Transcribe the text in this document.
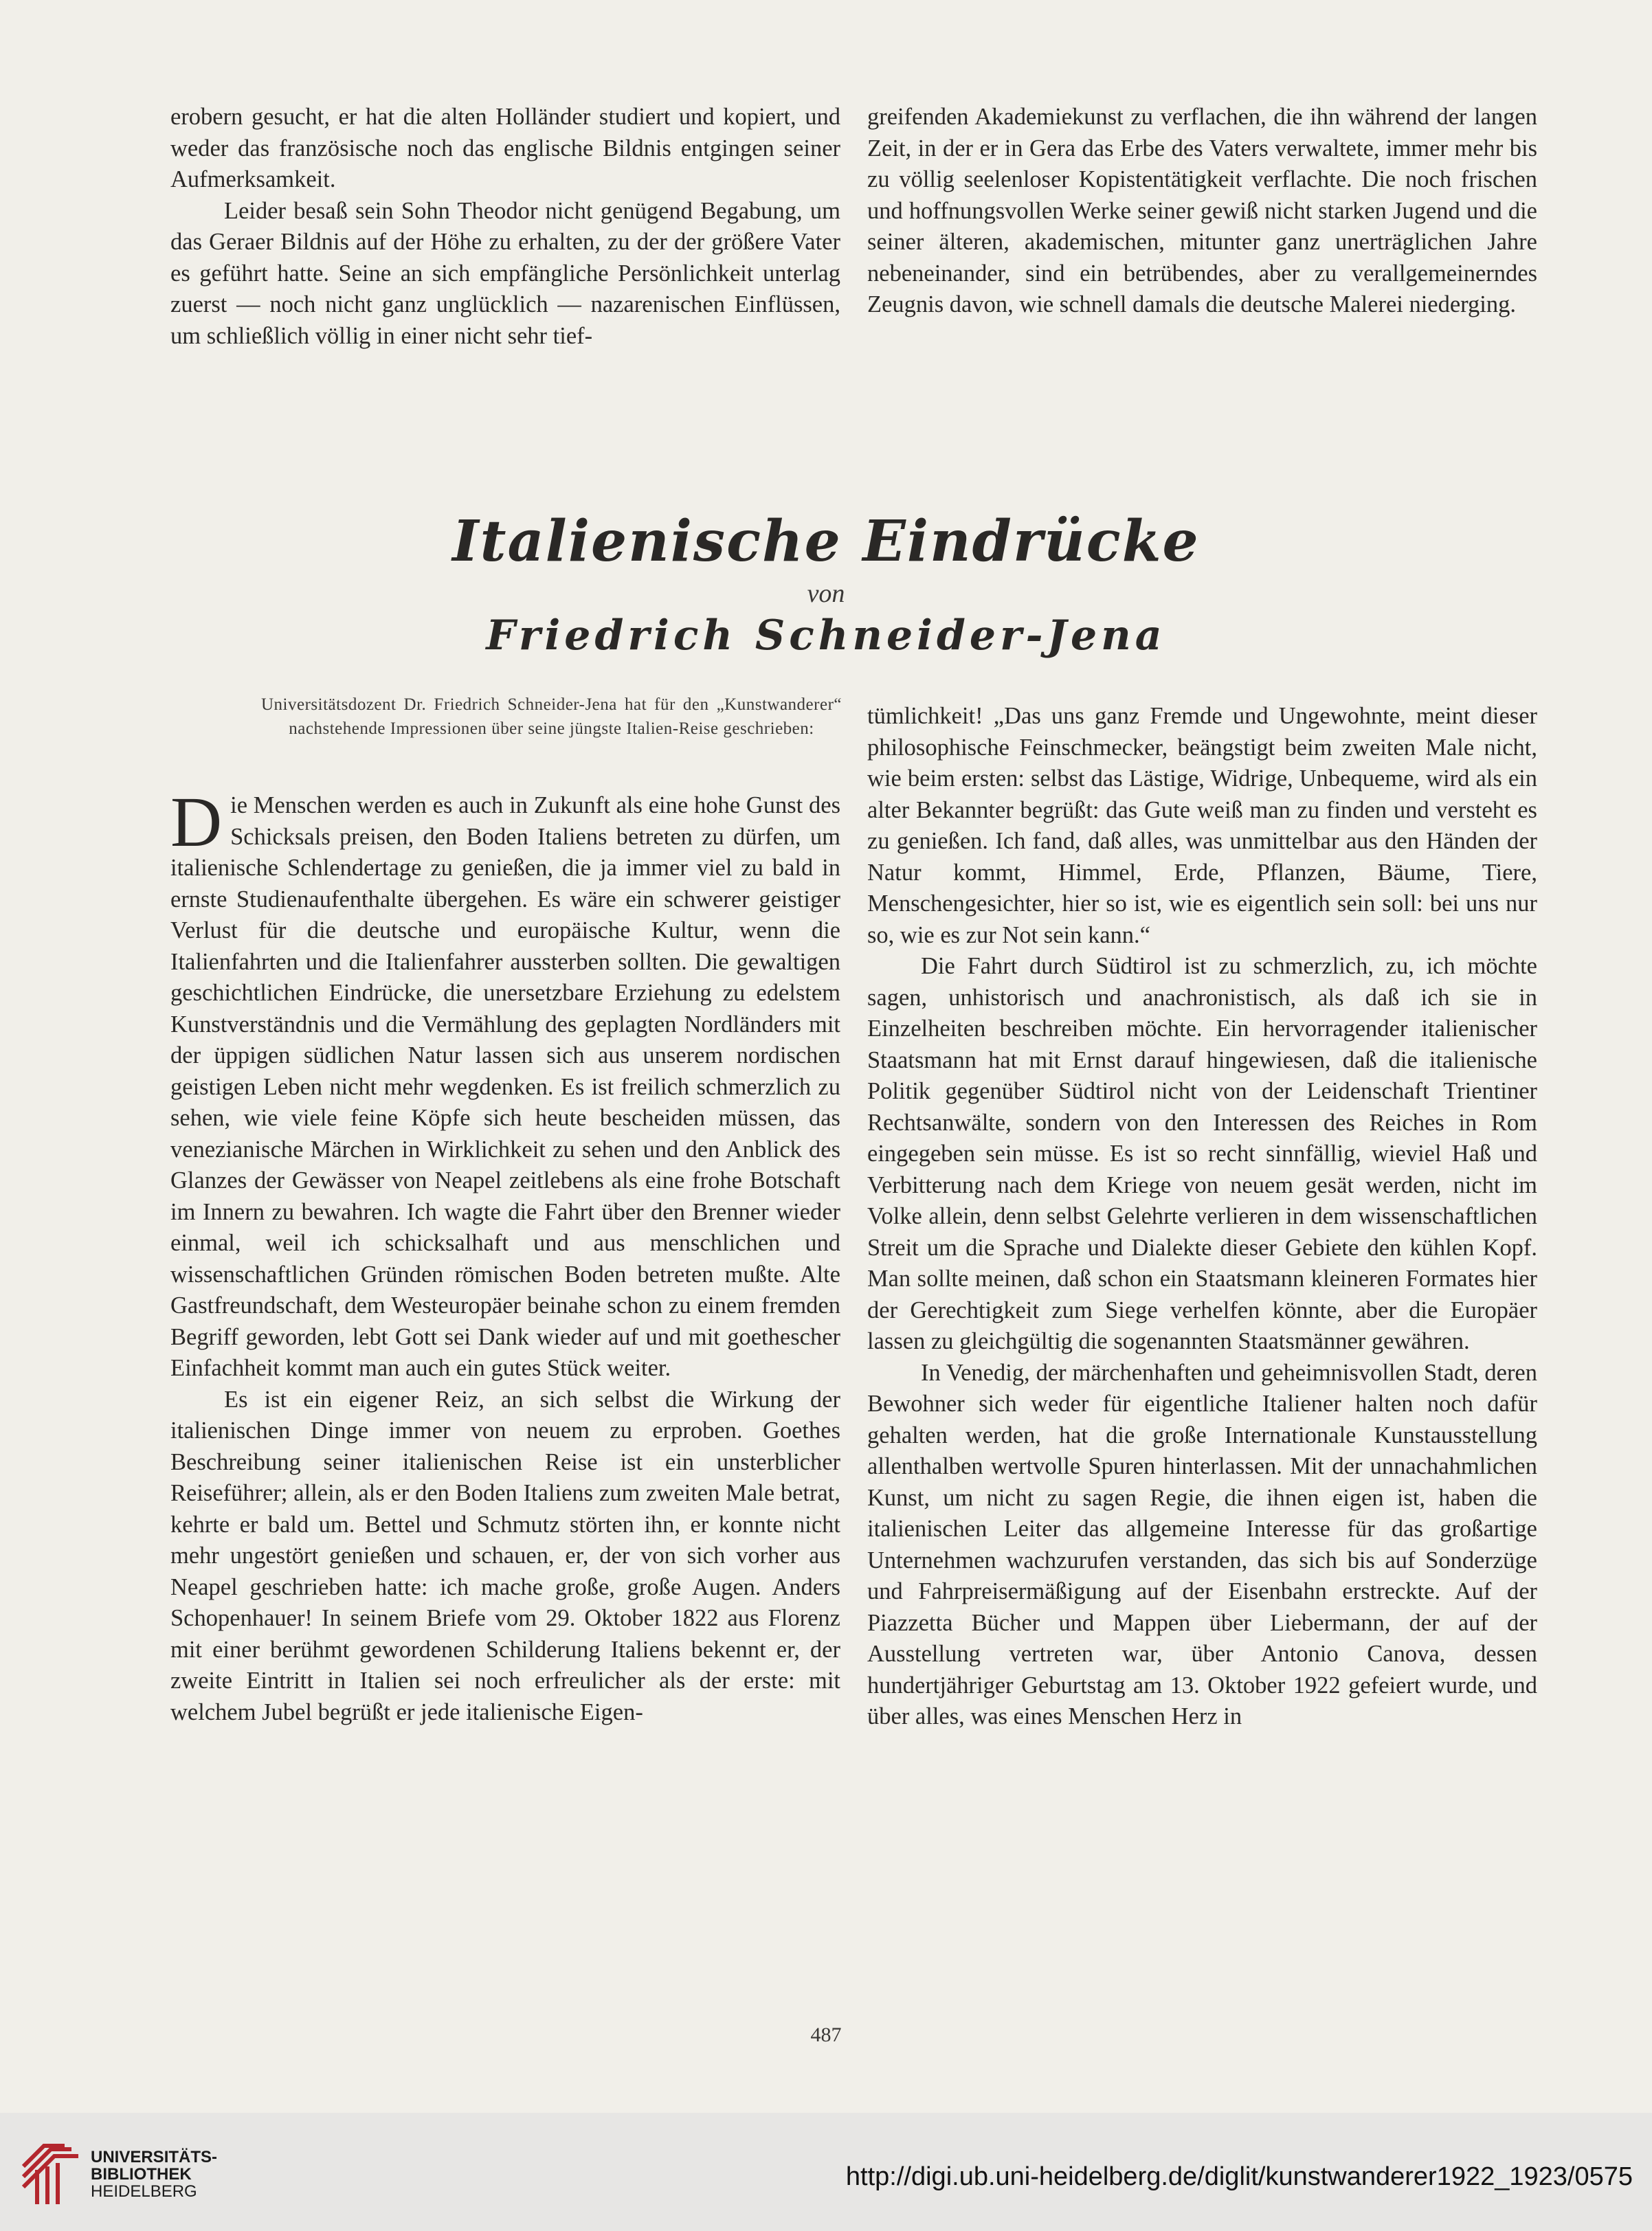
erobern gesucht, er hat die alten Holländer studiert und kopiert, und weder das französische noch das englische Bildnis entgingen seiner Aufmerksamkeit.

Leider besaß sein Sohn Theodor nicht genügend Begabung, um das Geraer Bildnis auf der Höhe zu erhalten, zu der der größere Vater es geführt hatte. Seine an sich empfängliche Persönlichkeit unterlag zuerst — noch nicht ganz unglücklich — nazarenischen Einflüssen, um schließlich völlig in einer nicht sehr tief-

greifenden Akademiekunst zu verflachen, die ihn während der langen Zeit, in der er in Gera das Erbe des Vaters verwaltete, immer mehr bis zu völlig seelenloser Kopistentätigkeit verflachte. Die noch frischen und hoffnungsvollen Werke seiner gewiß nicht starken Jugend und die seiner älteren, akademischen, mitunter ganz unerträglichen Jahre nebeneinander, sind ein betrübendes, aber zu verallgemeinerndes Zeugnis davon, wie schnell damals die deutsche Malerei niederging.

Italienische Eindrücke
von
Friedrich Schneider-Jena
Universitätsdozent Dr. Friedrich Schneider-Jena hat für den „Kunstwanderer“ nachstehende Impressionen über seine jüngste Italien-Reise geschrieben:

Die Menschen werden es auch in Zukunft als eine hohe Gunst des Schicksals preisen, den Boden Italiens betreten zu dürfen, um italienische Schlendertage zu genießen, die ja immer viel zu bald in ernste Studienaufenthalte übergehen. Es wäre ein schwerer geistiger Verlust für die deutsche und europäische Kultur, wenn die Italienfahrten und die Italienfahrer aussterben sollten. Die gewaltigen geschichtlichen Eindrücke, die unersetzbare Erziehung zu edelstem Kunstverständnis und die Vermählung des geplagten Nordländers mit der üppigen südlichen Natur lassen sich aus unserem nordischen geistigen Leben nicht mehr wegdenken. Es ist freilich schmerzlich zu sehen, wie viele feine Köpfe sich heute bescheiden müssen, das venezianische Märchen in Wirklichkeit zu sehen und den Anblick des Glanzes der Gewässer von Neapel zeitlebens als eine frohe Botschaft im Innern zu bewahren. Ich wagte die Fahrt über den Brenner wieder einmal, weil ich schicksalhaft und aus menschlichen und wissenschaftlichen Gründen römischen Boden betreten mußte. Alte Gastfreundschaft, dem Westeuropäer beinahe schon zu einem fremden Begriff geworden, lebt Gott sei Dank wieder auf und mit goethescher Einfachheit kommt man auch ein gutes Stück weiter.

Es ist ein eigener Reiz, an sich selbst die Wirkung der italienischen Dinge immer von neuem zu erproben. Goethes Beschreibung seiner italienischen Reise ist ein unsterblicher Reiseführer; allein, als er den Boden Italiens zum zweiten Male betrat, kehrte er bald um. Bettel und Schmutz störten ihn, er konnte nicht mehr ungestört genießen und schauen, er, der von sich vorher aus Neapel geschrieben hatte: ich mache große, große Augen. Anders Schopenhauer! In seinem Briefe vom 29. Oktober 1822 aus Florenz mit einer berühmt gewordenen Schilderung Italiens bekennt er, der zweite Eintritt in Italien sei noch erfreulicher als der erste: mit welchem Jubel begrüßt er jede italienische Eigen-

tümlichkeit! „Das uns ganz Fremde und Ungewohnte, meint dieser philosophische Feinschmecker, beängstigt beim zweiten Male nicht, wie beim ersten: selbst das Lästige, Widrige, Unbequeme, wird als ein alter Bekannter begrüßt: das Gute weiß man zu finden und versteht es zu genießen. Ich fand, daß alles, was unmittelbar aus den Händen der Natur kommt, Himmel, Erde, Pflanzen, Bäume, Tiere, Menschengesichter, hier so ist, wie es eigentlich sein soll: bei uns nur so, wie es zur Not sein kann.“

Die Fahrt durch Südtirol ist zu schmerzlich, zu, ich möchte sagen, unhistorisch und anachronistisch, als daß ich sie in Einzelheiten beschreiben möchte. Ein hervorragender italienischer Staatsmann hat mit Ernst darauf hingewiesen, daß die italienische Politik gegenüber Südtirol nicht von der Leidenschaft Trientiner Rechtsanwälte, sondern von den Interessen des Reiches in Rom eingegeben sein müsse. Es ist so recht sinnfällig, wieviel Haß und Verbitterung nach dem Kriege von neuem gesät werden, nicht im Volke allein, denn selbst Gelehrte verlieren in dem wissenschaftlichen Streit um die Sprache und Dialekte dieser Gebiete den kühlen Kopf. Man sollte meinen, daß schon ein Staatsmann kleineren Formates hier der Gerechtigkeit zum Siege verhelfen könnte, aber die Europäer lassen zu gleichgültig die sogenannten Staatsmänner gewähren.

In Venedig, der märchenhaften und geheimnisvollen Stadt, deren Bewohner sich weder für eigentliche Italiener halten noch dafür gehalten werden, hat die große Internationale Kunstausstellung allenthalben wertvolle Spuren hinterlassen. Mit der unnachahmlichen Kunst, um nicht zu sagen Regie, die ihnen eigen ist, haben die italienischen Leiter das allgemeine Interesse für das großartige Unternehmen wachzurufen verstanden, das sich bis auf Sonderzüge und Fahrpreisermäßigung auf der Eisenbahn erstreckte. Auf der Piazzetta Bücher und Mappen über Liebermann, der auf der Ausstellung vertreten war, über Antonio Canova, dessen hundertjähriger Geburtstag am 13. Oktober 1922 gefeiert wurde, und über alles, was eines Menschen Herz in

487
UNIVERSITÄTS-
BIBLIOTHEK
HEIDELBERG
http://digi.ub.uni-heidelberg.de/diglit/kunstwanderer1922_1923/0575
